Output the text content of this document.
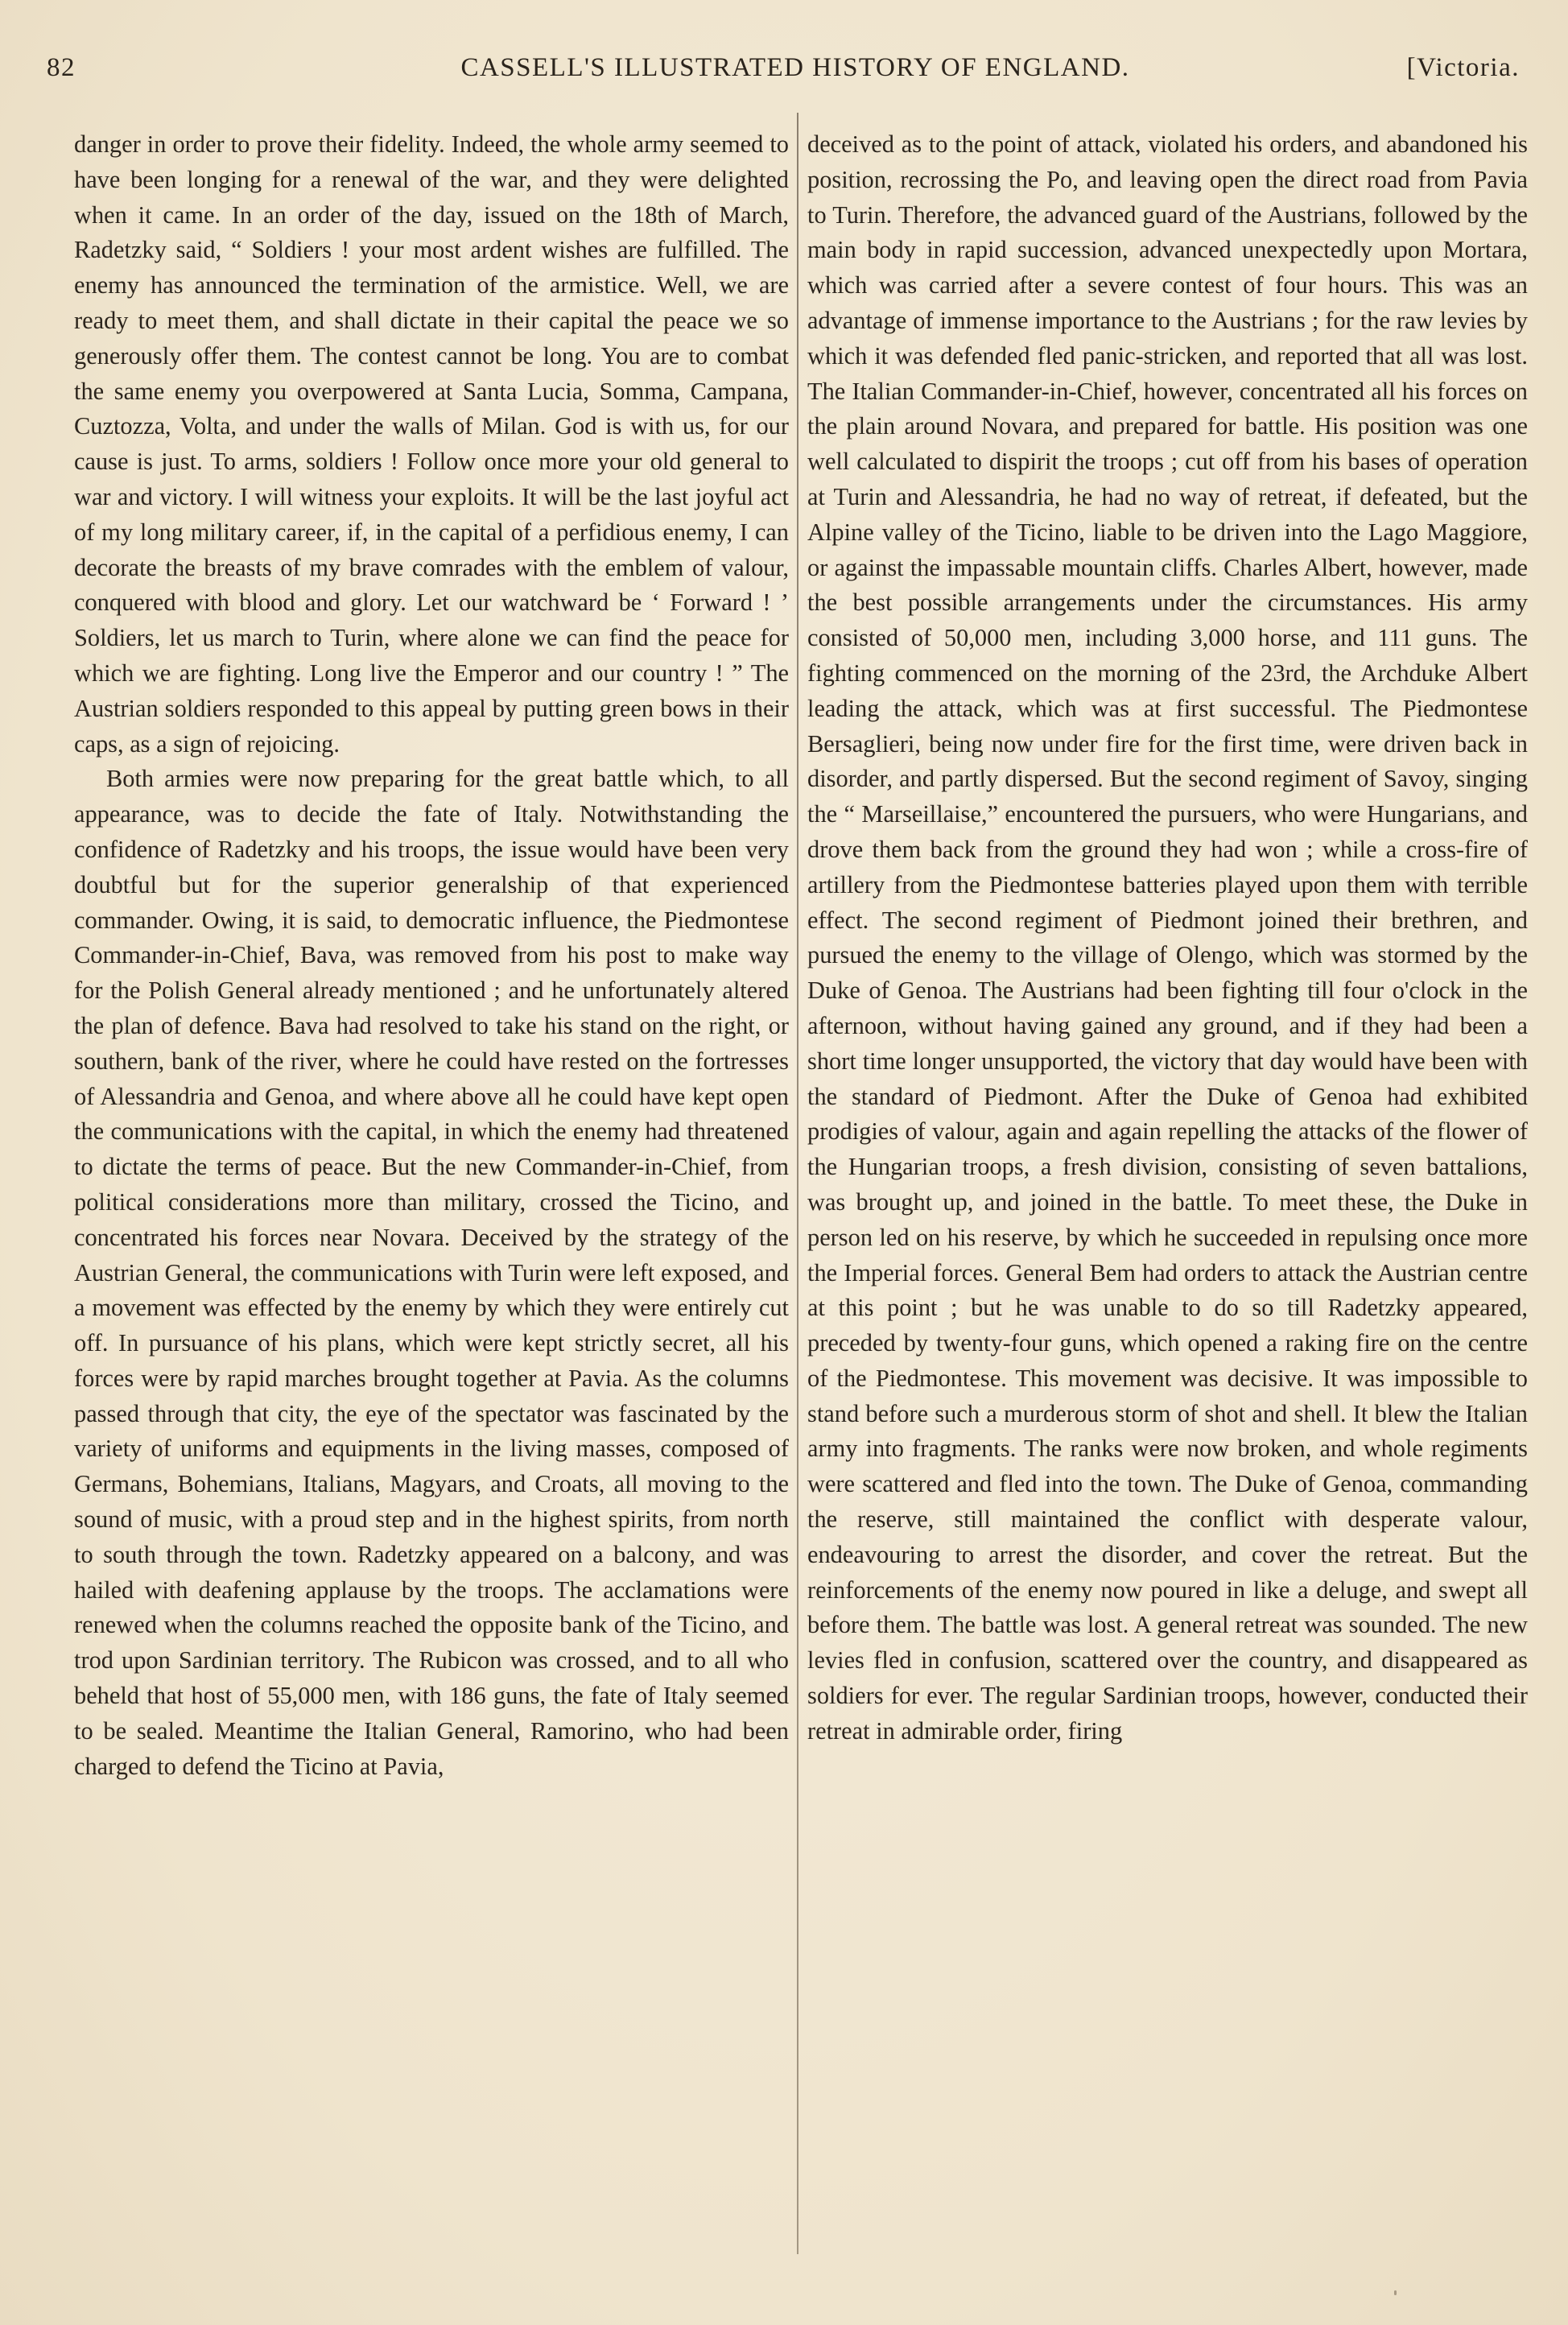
82	CASSELL'S ILLUSTRATED HISTORY OF ENGLAND.	[Victoria.

danger in order to prove their fidelity. Indeed, the whole army seemed to have been longing for a renewal of the war, and they were delighted when it came. In an order of the day, issued on the 18th of March, Radetzky said, “ Soldiers ! your most ardent wishes are fulfilled. The enemy has announced the termination of the armistice. Well, we are ready to meet them, and shall dictate in their capital the peace we so generously offer them. The contest cannot be long. You are to combat the same enemy you overpowered at Santa Lucia, Somma, Campana, Cuztozza, Volta, and under the walls of Milan. God is with us, for our cause is just. To arms, soldiers ! Follow once more your old general to war and victory. I will witness your exploits. It will be the last joyful act of my long military career, if, in the capital of a perfidious enemy, I can decorate the breasts of my brave comrades with the emblem of valour, conquered with blood and glory. Let our watchward be ‘ Forward ! ’ Soldiers, let us march to Turin, where alone we can find the peace for which we are fighting. Long live the Emperor and our country ! ” The Austrian soldiers responded to this appeal by putting green bows in their caps, as a sign of rejoicing.

Both armies were now preparing for the great battle which, to all appearance, was to decide the fate of Italy. Notwithstanding the confidence of Radetzky and his troops, the issue would have been very doubtful but for the superior generalship of that experienced commander. Owing, it is said, to democratic influence, the Piedmontese Commander-in-Chief, Bava, was removed from his post to make way for the Polish General already mentioned ; and he unfortunately altered the plan of defence. Bava had resolved to take his stand on the right, or southern, bank of the river, where he could have rested on the fortresses of Alessandria and Genoa, and where above all he could have kept open the communications with the capital, in which the enemy had threatened to dictate the terms of peace. But the new Commander-in-Chief, from political considerations more than military, crossed the Ticino, and concentrated his forces near Novara. Deceived by the strategy of the Austrian General, the communications with Turin were left exposed, and a movement was effected by the enemy by which they were entirely cut off. In pursuance of his plans, which were kept strictly secret, all his forces were by rapid marches brought together at Pavia. As the columns passed through that city, the eye of the spectator was fascinated by the variety of uniforms and equipments in the living masses, composed of Germans, Bohemians, Italians, Magyars, and Croats, all moving to the sound of music, with a proud step and in the highest spirits, from north to south through the town. Radetzky appeared on a balcony, and was hailed with deafening applause by the troops. The acclamations were renewed when the columns reached the opposite bank of the Ticino, and trod upon Sardinian territory. The Rubicon was crossed, and to all who beheld that host of 55,000 men, with 186 guns, the fate of Italy seemed to be sealed. Meantime the Italian General, Ramorino, who had been charged to defend the Ticino at Pavia,

deceived as to the point of attack, violated his orders, and abandoned his position, recrossing the Po, and leaving open the direct road from Pavia to Turin. Therefore, the advanced guard of the Austrians, followed by the main body in rapid succession, advanced unexpectedly upon Mortara, which was carried after a severe contest of four hours. This was an advantage of immense importance to the Austrians ; for the raw levies by which it was defended fled panic-stricken, and reported that all was lost. The Italian Commander-in-Chief, however, concentrated all his forces on the plain around Novara, and prepared for battle. His position was one well calculated to dispirit the troops ; cut off from his bases of operation at Turin and Alessandria, he had no way of retreat, if defeated, but the Alpine valley of the Ticino, liable to be driven into the Lago Maggiore, or against the impassable mountain cliffs. Charles Albert, however, made the best possible arrangements under the circumstances. His army consisted of 50,000 men, including 3,000 horse, and 111 guns. The fighting commenced on the morning of the 23rd, the Archduke Albert leading the attack, which was at first successful. The Piedmontese Bersaglieri, being now under fire for the first time, were driven back in disorder, and partly dispersed. But the second regiment of Savoy, singing the “ Marseillaise,” encountered the pursuers, who were Hungarians, and drove them back from the ground they had won ; while a cross-fire of artillery from the Piedmontese batteries played upon them with terrible effect. The second regiment of Piedmont joined their brethren, and pursued the enemy to the village of Olengo, which was stormed by the Duke of Genoa. The Austrians had been fighting till four o'clock in the afternoon, without having gained any ground, and if they had been a short time longer unsupported, the victory that day would have been with the standard of Piedmont. After the Duke of Genoa had exhibited prodigies of valour, again and again repelling the attacks of the flower of the Hungarian troops, a fresh division, consisting of seven battalions, was brought up, and joined in the battle. To meet these, the Duke in person led on his reserve, by which he succeeded in repulsing once more the Imperial forces. General Bem had orders to attack the Austrian centre at this point ; but he was unable to do so till Radetzky appeared, preceded by twenty-four guns, which opened a raking fire on the centre of the Piedmontese. This movement was decisive. It was impossible to stand before such a murderous storm of shot and shell. It blew the Italian army into fragments. The ranks were now broken, and whole regiments were scattered and fled into the town. The Duke of Genoa, commanding the reserve, still maintained the conflict with desperate valour, endeavouring to arrest the disorder, and cover the retreat. But the reinforcements of the enemy now poured in like a deluge, and swept all before them. The battle was lost. A general retreat was sounded. The new levies fled in confusion, scattered over the country, and disappeared as soldiers for ever. The regular Sardinian troops, however, conducted their retreat in admirable order, firing
